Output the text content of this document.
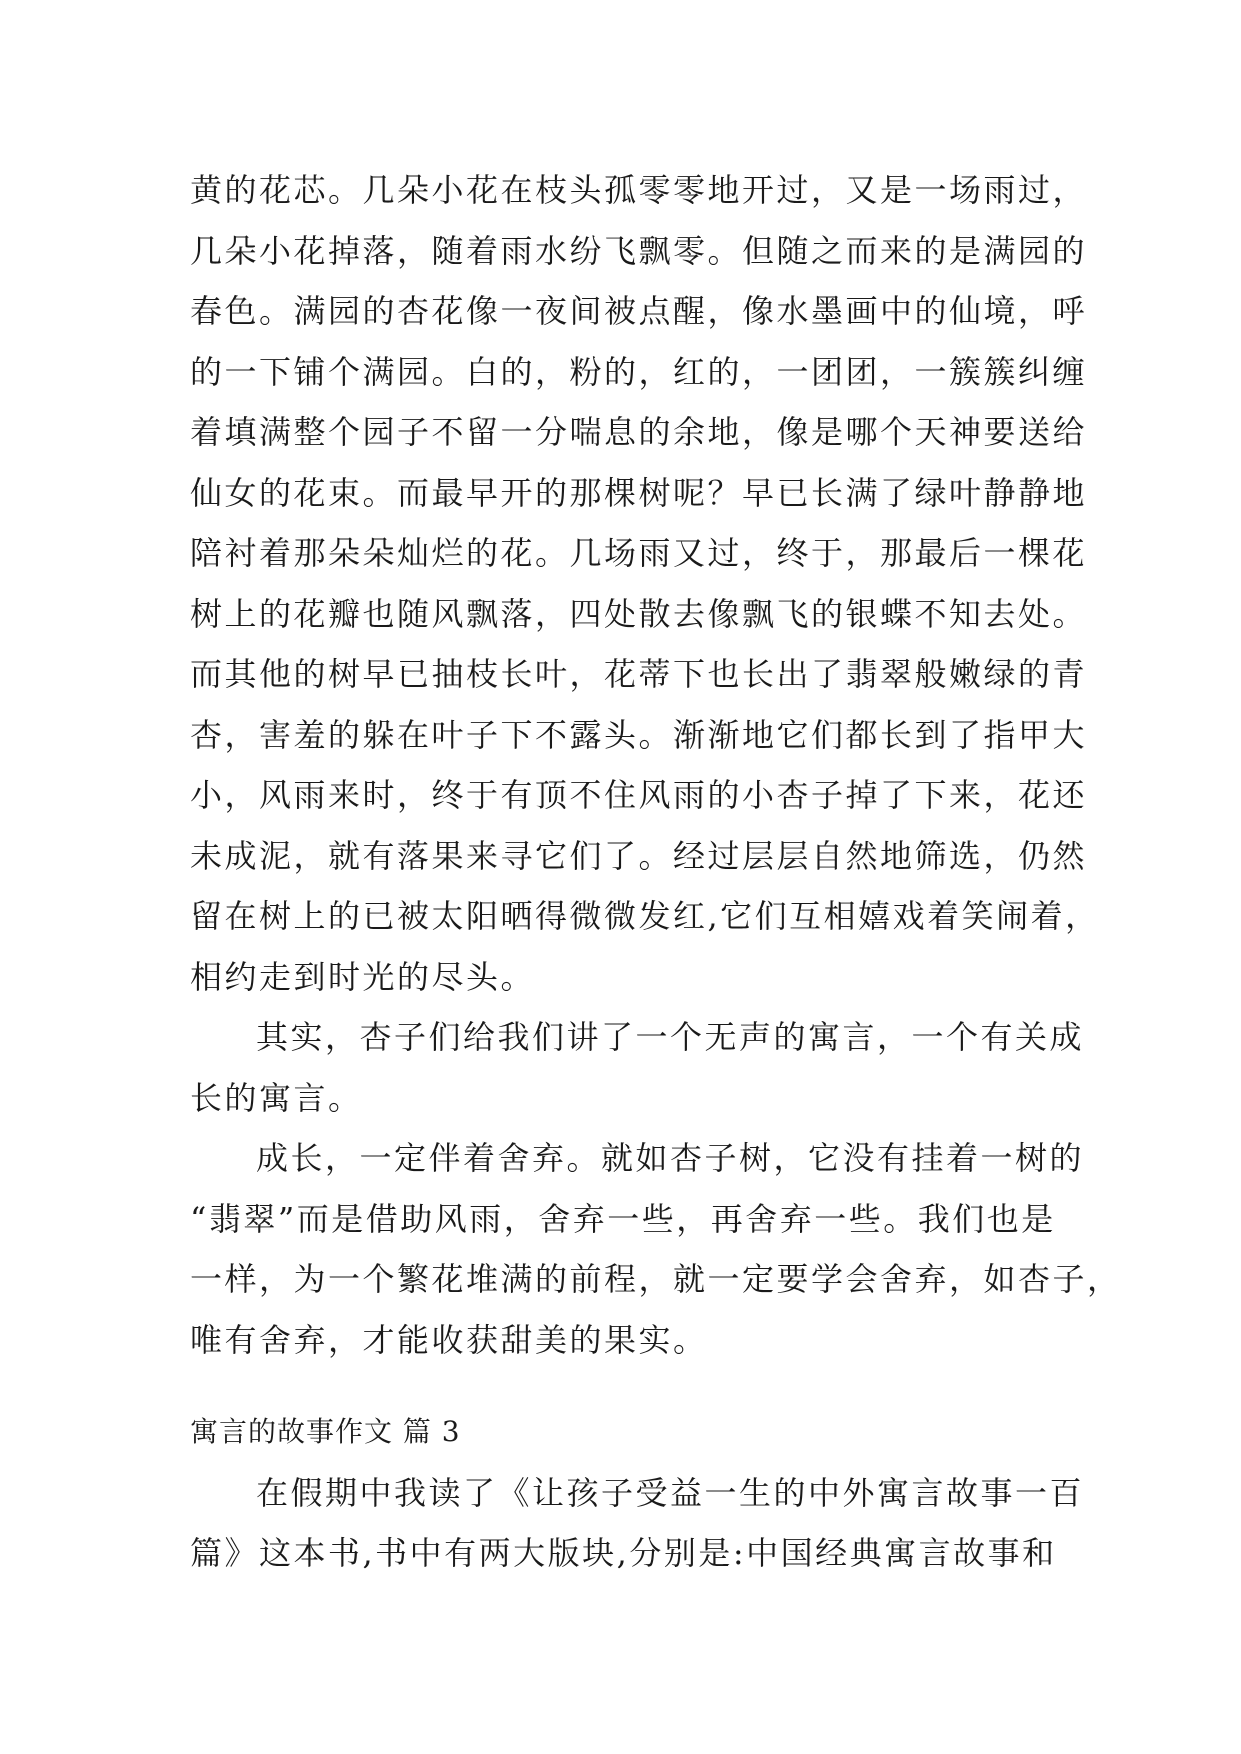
黄的花芯。几朵小花在枝头孤零零地开过，又是一场雨过，
几朵小花掉落，随着雨水纷飞飘零。但随之而来的是满园的
春色。满园的杏花像一夜间被点醒，像水墨画中的仙境，呼
的一下铺个满园。白的，粉的，红的，一团团，一簇簇纠缠
着填满整个园子不留一分喘息的余地，像是哪个天神要送给
仙女的花束。而最早开的那棵树呢？早已长满了绿叶静静地
陪衬着那朵朵灿烂的花。几场雨又过，终于，那最后一棵花
树上的花瓣也随风飘落，四处散去像飘飞的银蝶不知去处。
而其他的树早已抽枝长叶，花蒂下也长出了翡翠般嫩绿的青
杏，害羞的躲在叶子下不露头。渐渐地它们都长到了指甲大
小，风雨来时，终于有顶不住风雨的小杏子掉了下来，花还
未成泥，就有落果来寻它们了。经过层层自然地筛选，仍然
留在树上的已被太阳晒得微微发红,它们互相嬉戏着笑闹着，
相约走到时光的尽头。
其实，杏子们给我们讲了一个无声的寓言，一个有关成
长的寓言。
成长，一定伴着舍弃。就如杏子树，它没有挂着一树的
“翡翠”而是借助风雨，舍弃一些，再舍弃一些。我们也是
一样，为一个繁花堆满的前程，就一定要学会舍弃，如杏子，
唯有舍弃，才能收获甜美的果实。
寓言的故事作文 篇 3
在假期中我读了《让孩子受益一生的中外寓言故事一百
篇》这本书,书中有两大版块,分别是:中国经典寓言故事和
